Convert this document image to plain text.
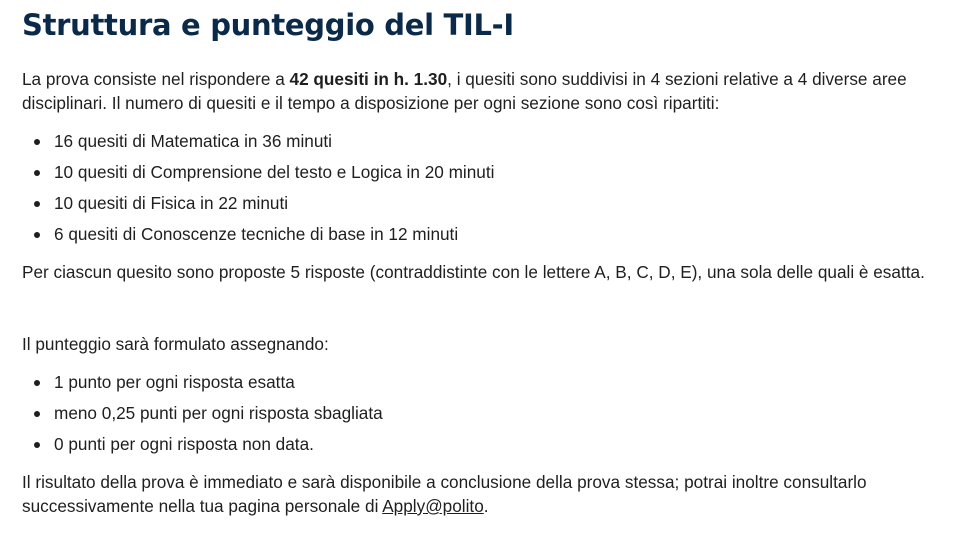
Struttura e punteggio del TIL-I

La prova consiste nel rispondere a 42 quesiti in h. 1.30, i quesiti sono suddivisi in 4 sezioni relative a 4 diverse aree disciplinari. Il numero di quesiti e il tempo a disposizione per ogni sezione sono così ripartiti:

16 quesiti di Matematica in 36 minuti
10 quesiti di Comprensione del testo e Logica in 20 minuti
10 quesiti di Fisica in 22 minuti
6 quesiti di Conoscenze tecniche di base in 12 minuti

Per ciascun quesito sono proposte 5 risposte (contraddistinte con le lettere A, B, C, D, E), una sola delle quali è esatta.

Il punteggio sarà formulato assegnando:

1 punto per ogni risposta esatta
meno 0,25 punti per ogni risposta sbagliata
0 punti per ogni risposta non data.

Il risultato della prova è immediato e sarà disponibile a conclusione della prova stessa; potrai inoltre consultarlo successivamente nella tua pagina personale di Apply@polito.
